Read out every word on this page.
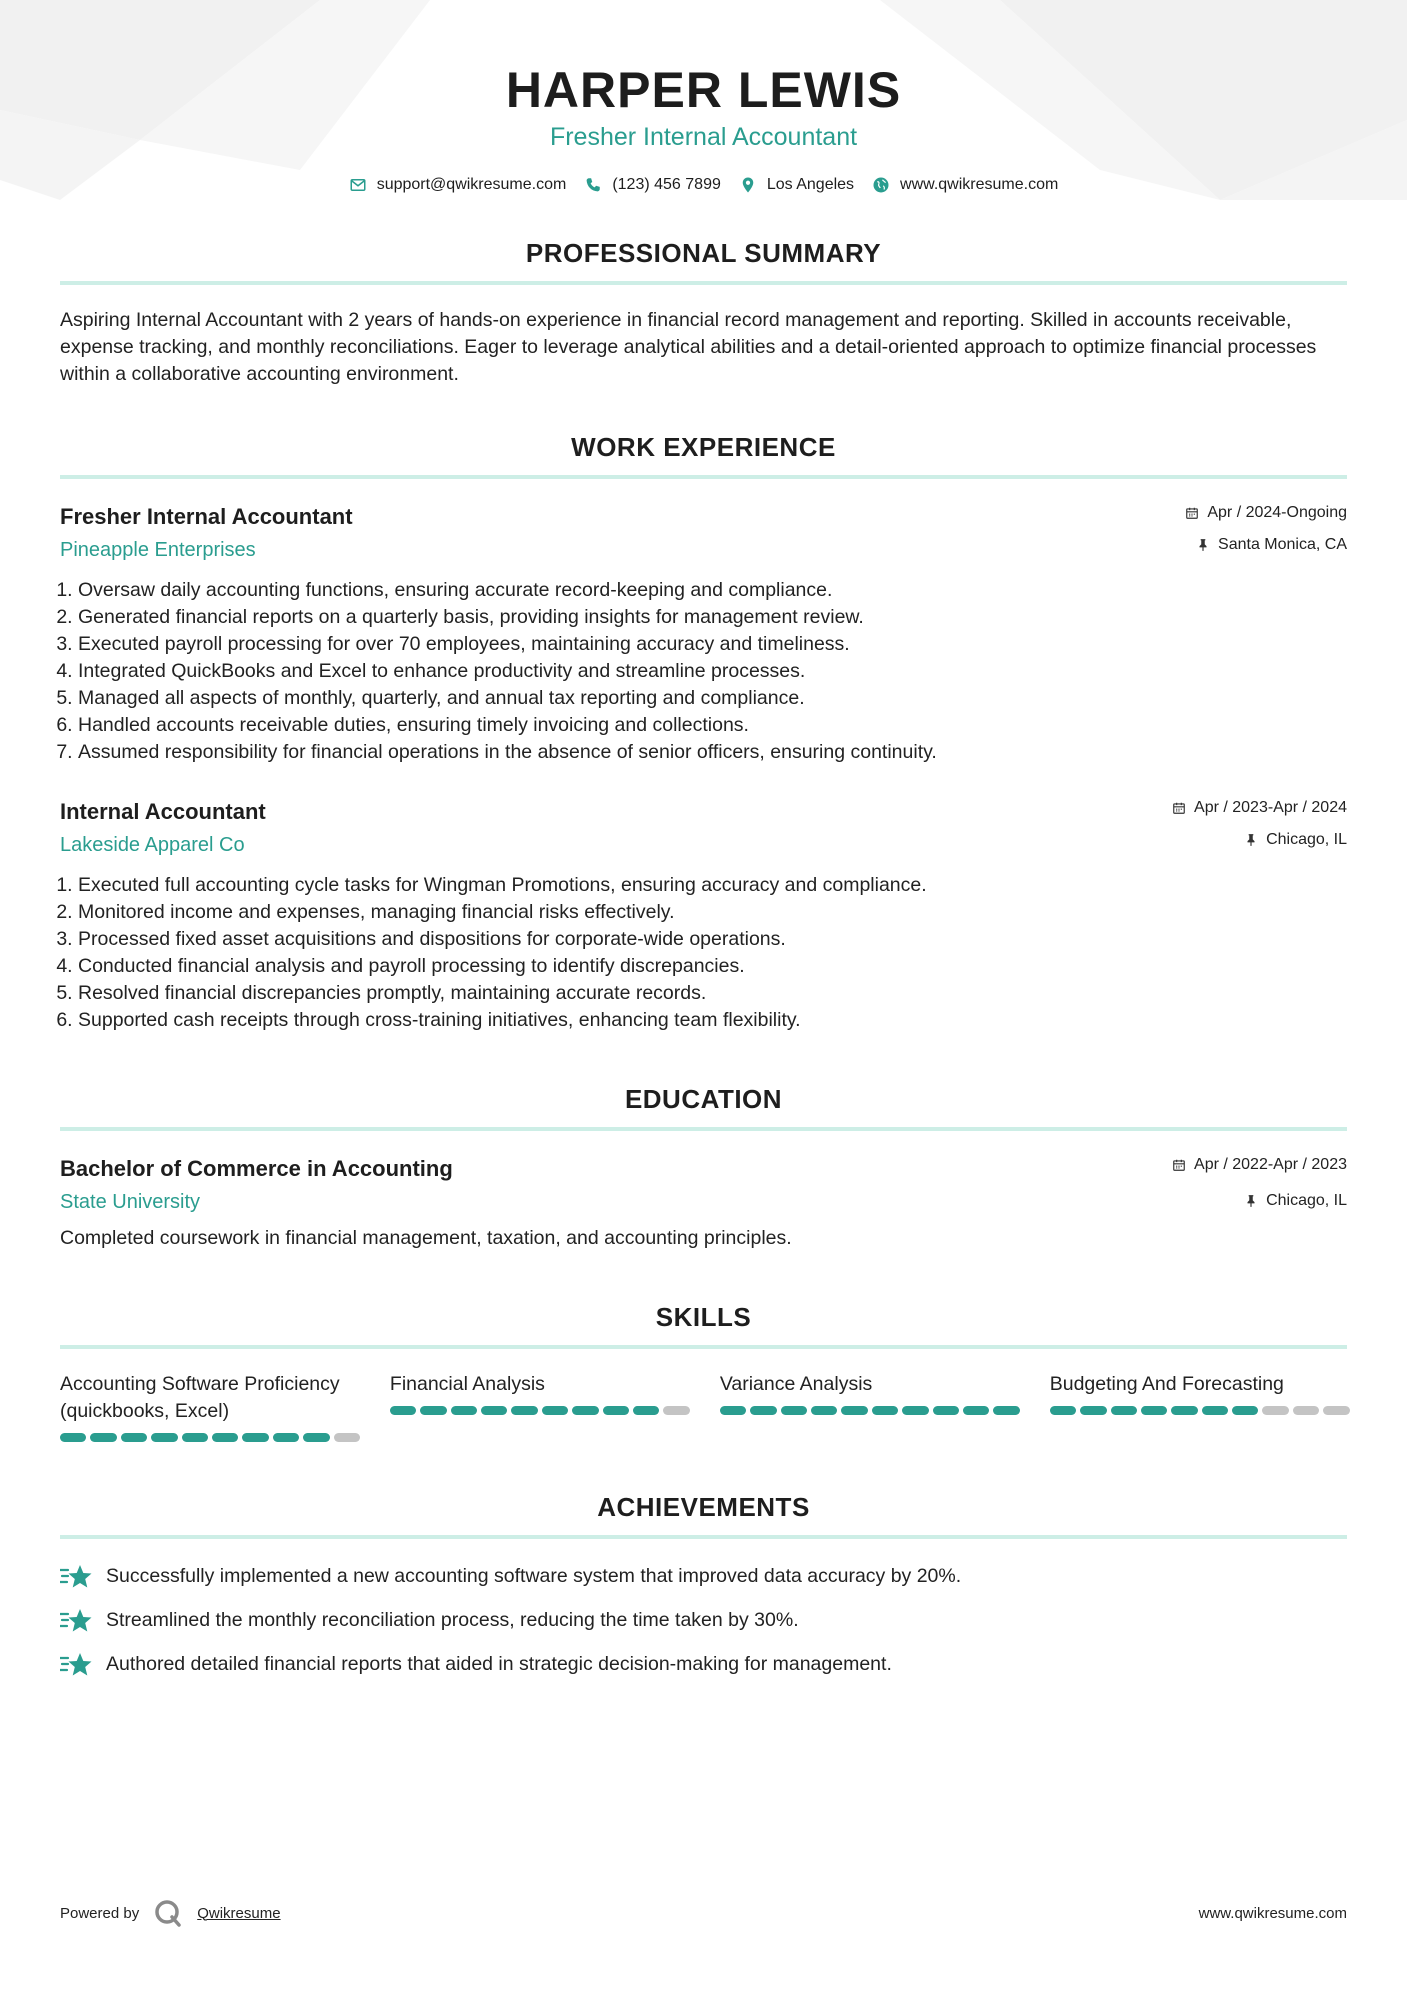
HARPER LEWIS
Fresher Internal Accountant
support@qwikresume.com	(123) 456 7899	Los Angeles	www.qwikresume.com
PROFESSIONAL SUMMARY

Aspiring Internal Accountant with 2 years of hands-on experience in financial record management and reporting. Skilled in accounts receivable, expense tracking, and monthly reconciliations. Eager to leverage analytical abilities and a detail-oriented approach to optimize financial processes within a collaborative accounting environment.

WORK EXPERIENCE
Fresher Internal Accountant
Pineapple Enterprises
Apr / 2024-Ongoing
Santa Monica, CA
1. Oversaw daily accounting functions, ensuring accurate record-keeping and compliance.
2. Generated financial reports on a quarterly basis, providing insights for management review.
3. Executed payroll processing for over 70 employees, maintaining accuracy and timeliness.
4. Integrated QuickBooks and Excel to enhance productivity and streamline processes.
5. Managed all aspects of monthly, quarterly, and annual tax reporting and compliance.
6. Handled accounts receivable duties, ensuring timely invoicing and collections.
7. Assumed responsibility for financial operations in the absence of senior officers, ensuring continuity.
Internal Accountant
Lakeside Apparel Co
Apr / 2023-Apr / 2024
Chicago, IL
1. Executed full accounting cycle tasks for Wingman Promotions, ensuring accuracy and compliance.
2. Monitored income and expenses, managing financial risks effectively.
3. Processed fixed asset acquisitions and dispositions for corporate-wide operations.
4. Conducted financial analysis and payroll processing to identify discrepancies.
5. Resolved financial discrepancies promptly, maintaining accurate records.
6. Supported cash receipts through cross-training initiatives, enhancing team flexibility.
EDUCATION
Bachelor of Commerce in Accounting
State University
Apr / 2022-Apr / 2023
Chicago, IL

Completed coursework in financial management, taxation, and accounting principles.

SKILLS
Accounting Software Proficiency (quickbooks, Excel)
Financial Analysis	Variance Analysis	Budgeting And Forecasting
ACHIEVEMENTS
Successfully implemented a new accounting software system that improved data accuracy by 20%.
Streamlined the monthly reconciliation process, reducing the time taken by 30%.
Authored detailed financial reports that aided in strategic decision-making for management.
Powered by	Qwikresume	www.qwikresume.com
